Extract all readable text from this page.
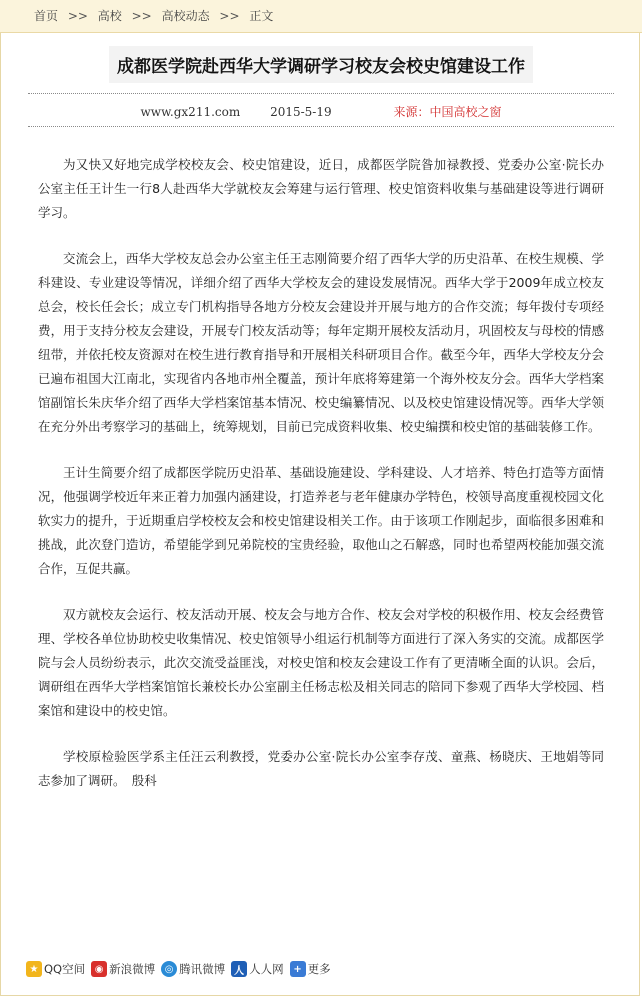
首页 >> 高校 >> 高校动态 >> 正文
成都医学院赴西华大学调研学习校友会校史馆建设工作
www.gx211.com 2015-5-19	来源：中国高校之窗

为又快又好地完成学校校友会、校史馆建设，近日，成都医学院昝加禄教授、党委办公室·院长办公室主任王计生一行8人赴西华大学就校友会筹建与运行管理、校史馆资料收集与基础建设等进行调研学习。

交流会上，西华大学校友总会办公室主任王志刚简要介绍了西华大学的历史沿革、在校生规模、学科建设、专业建设等情况，详细介绍了西华大学校友会的建设发展情况。西华大学于2009年成立校友总会，校长任会长；成立专门机构指导各地方分校友会建设并开展与地方的合作交流；每年拨付专项经费，用于支持分校友会建设，开展专门校友活动等；每年定期开展校友活动月，巩固校友与母校的情感纽带，并依托校友资源对在校生进行教育指导和开展相关科研项目合作。截至今年，西华大学校友分会已遍布祖国大江南北，实现省内各地市州全覆盖，预计年底将筹建第一个海外校友分会。西华大学档案馆副馆长朱庆华介绍了西华大学档案馆基本情况、校史编纂情况、以及校史馆建设情况等。西华大学领在充分外出考察学习的基础上，统筹规划，目前已完成资料收集、校史编撰和校史馆的基础装修工作。

王计生简要介绍了成都医学院历史沿革、基础设施建设、学科建设、人才培养、特色打造等方面情况，他强调学校近年来正着力加强内涵建设，打造养老与老年健康办学特色，校领导高度重视校园文化软实力的提升，于近期重启学校校友会和校史馆建设相关工作。由于该项工作刚起步，面临很多困难和挑战，此次登门造访，希望能学到兄弟院校的宝贵经验，取他山之石解惑，同时也希望两校能加强交流合作，互促共赢。

双方就校友会运行、校友活动开展、校友会与地方合作、校友会对学校的积极作用、校友会经费管理、学校各单位协助校史收集情况、校史馆领导小组运行机制等方面进行了深入务实的交流。成都医学院与会人员纷纷表示，此次交流受益匪浅，对校史馆和校友会建设工作有了更清晰全面的认识。会后，调研组在西华大学档案馆馆长兼校长办公室副主任杨志松及相关同志的陪同下参观了西华大学校园、档案馆和建设中的校史馆。

学校原检验医学系主任汪云利教授，党委办公室·院长办公室李存茂、童燕、杨晓庆、王地娟等同志参加了调研。　殷科

★ QQ空间 ◉ 新浪微博 ◎ 腾讯微博 人 人人网 + 更多
